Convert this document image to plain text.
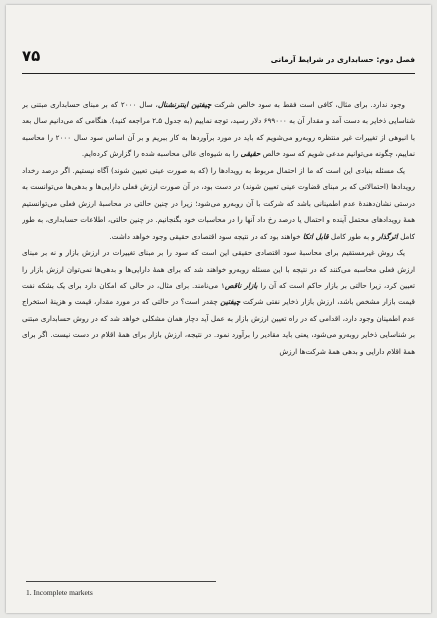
۷۵	فصل دوم: حسابداری در شرایط آرمانی

وجود ندارد. برای مثال، کافی است فقط به سود خالص شرکت چیفتین اینترنشنال، سال ۲۰۰۰ که بر مبنای حسابداری مبتنی بر شناسایی ذخایر به دست آمد و مقدار آن به ۶۹۹۰۰۰ دلار رسید، توجه نماییم (به جدول ۵ـ۲ مراجعه کنید). هنگامی که می‌دانیم سال بعد با انبوهی از تغییرات غیر منتظره روبه‌رو می‌شویم که باید در مورد برآوردها به کار ببریم و بر آن اساس سود سال ۲۰۰۰ را محاسبه نماییم، چگونه می‌توانیم مدعی شویم که سود خالص حقیقی را به شیوه‌ای عالی محاسبه شده را گزارش کرده‌ایم.

یک مسئله بنیادی این است که ما از احتمال مربوط به رویدادها را (که به صورت عینی تعیین شوند) آگاه نیستیم. اگر درصد رخداد رویدادها (احتمالاتی که بر مبنای قضاوت عینی تعیین شوند) در دست بود، در آن صورت ارزش فعلی دارایی‌ها و بدهی‌ها می‌توانست به درستی نشان‌دهندهٔ عدم اطمینانی باشد که شرکت با آن روبه‌رو می‌شود؛ زیرا در چنین حالتی در محاسبهٔ ارزش فعلی می‌توانستیم همهٔ رویدادهای محتمل آینده و احتمال یا درصد رخ داد آنها را در محاسبات خود بگنجانیم. در چنین حالتی، اطلاعات حسابداری، به طور کامل اثرگذار و به طور کامل قابل اتکا خواهند بود که در نتیجه سود اقتصادی حقیقی وجود خواهد داشت.

یک روش غیرمستقیم برای محاسبهٔ سود اقتصادی حقیقی این است که سود را بر مبنای تغییرات در ارزش بازار و نه بر مبنای ارزش فعلی محاسبه می‌کنند که در نتیجه با این مسئله روبه‌رو خواهند شد که برای همهٔ دارایی‌ها و بدهی‌ها نمی‌توان ارزش بازار را تعیین کرد، زیرا حالتی بر بازار حاکم است که آن را بازار ناقص۱ می‌نامند. برای مثال، در حالی که امکان دارد برای یک بشکه نفت قیمت بازار مشخص باشد، ارزش بازار ذخایر نفتی شرکت چیفتین چقدر است؟ در حالتی که در مورد مقدار، قیمت و هزینهٔ استخراج عدم اطمینان وجود دارد، اقدامی که در راه تعیین ارزش بازار به عمل آید دچار همان مشکلی خواهد شد که در روش حسابداری مبتنی بر شناسایی ذخایر روبه‌رو می‌شود، یعنی باید مقادیر را برآورد نمود. در نتیجه، ارزش بازار برای همهٔ اقلام در دست نیست. اگر برای همهٔ اقلام دارایی و بدهی همهٔ شرکت‌ها ارزش

1. Incomplete markets
